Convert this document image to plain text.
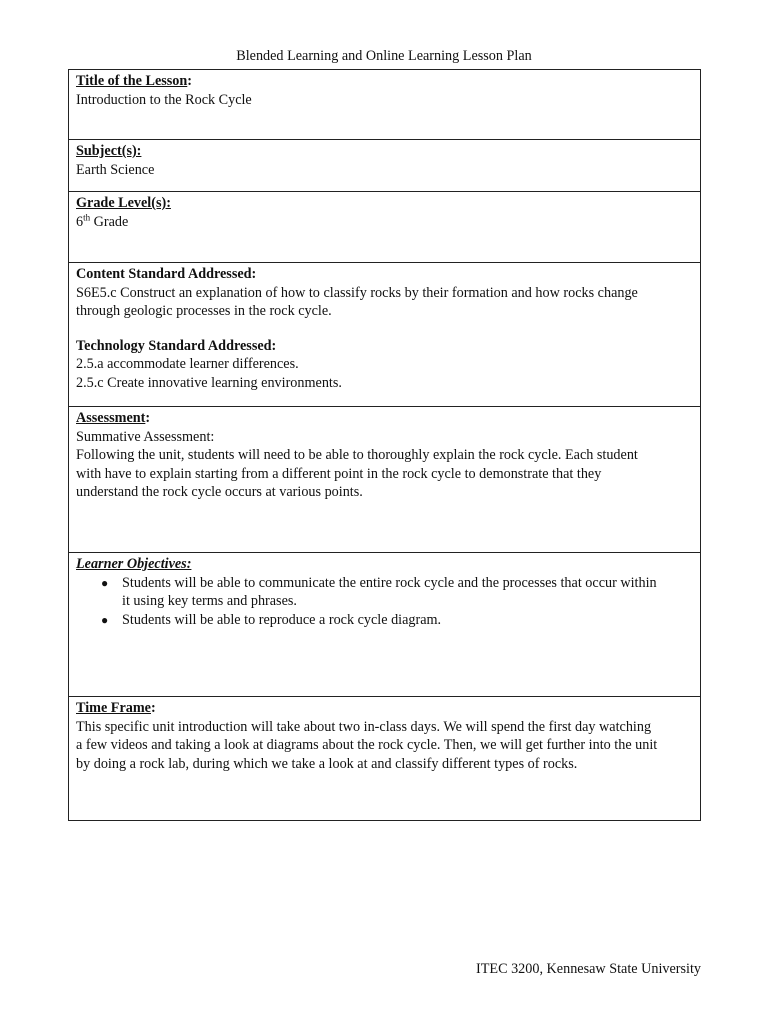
Blended Learning and Online Learning Lesson Plan
Title of the Lesson:
Introduction to the Rock Cycle
Subject(s):
Earth Science
Grade Level(s):
6th Grade
Content Standard Addressed:
S6E5.c Construct an explanation of how to classify rocks by their formation and how rocks change
through geologic processes in the rock cycle.
Technology Standard Addressed:
2.5.a accommodate learner differences.
2.5.c Create innovative learning environments.
Assessment:
Summative Assessment:
Following the unit, students will need to be able to thoroughly explain the rock cycle. Each student
with have to explain starting from a different point in the rock cycle to demonstrate that they
understand the rock cycle occurs at various points.
Learner Objectives:
● Students will be able to communicate the entire rock cycle and the processes that occur within
it using key terms and phrases.
● Students will be able to reproduce a rock cycle diagram.
Time Frame:
This specific unit introduction will take about two in-class days. We will spend the first day watching
a few videos and taking a look at diagrams about the rock cycle. Then, we will get further into the unit
by doing a rock lab, during which we take a look at and classify different types of rocks.
ITEC 3200, Kennesaw State University
